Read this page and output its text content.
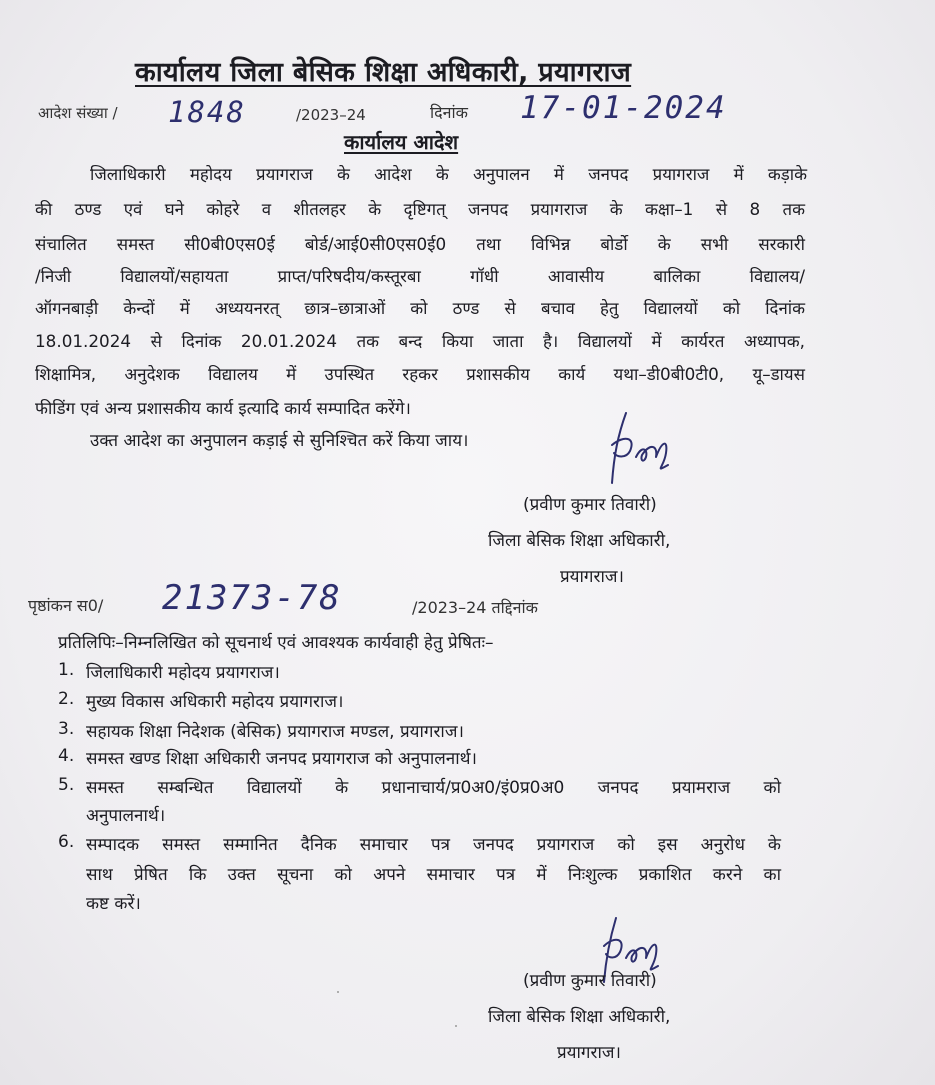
कार्यालय जिला बेसिक शिक्षा अधिकारी, प्रयागराज
आदेश संख्या / 1848	/2023–24	दिनांक 17-01-2024
कार्यालय आदेश
जिलाधिकारी महोदय प्रयागराज के आदेश के अनुपालन में जनपद प्रयागराज में कड़ाके
की ठण्ड एवं घने कोहरे व शीतलहर के दृष्टिगत् जनपद प्रयागराज के कक्षा–1 से 8 तक
संचालित समस्त सी0बी0एस0ई बोर्ड/आई0सी0एस0ई0 तथा विभिन्न बोर्डो के सभी सरकारी
/निजी विद्यालयों/सहायता प्राप्त/परिषदीय/कस्तूरबा गॉधी आवासीय बालिका विद्यालय/
ऑगनबाड़ी केन्दों में अध्ययनरत् छात्र–छात्राओं को ठण्ड से बचाव हेतु विद्यालयों को दिनांक
18.01.2024 से दिनांक 20.01.2024 तक बन्द किया जाता है। विद्यालयों में कार्यरत अध्यापक,
शिक्षामित्र, अनुदेशक विद्यालय में उपस्थित रहकर प्रशासकीय कार्य यथा–डी0बी0टी0, यू–डायस
फीडिंग एवं अन्य प्रशासकीय कार्य इत्यादि कार्य सम्पादित करेंगे।
उक्त आदेश का अनुपालन कड़ाई से सुनिश्चित करें किया जाय।
(प्रवीण कुमार तिवारी)
जिला बेसिक शिक्षा अधिकारी,
प्रयागराज।
पृष्ठांकन स0/ 21373-78	/2023–24 तद्दिनांक
प्रतिलिपिः–निम्नलिखित को सूचनार्थ एवं आवश्यक कार्यवाही हेतु प्रेषितः–
1. जिलाधिकारी महोदय प्रयागराज।
2. मुख्य विकास अधिकारी महोदय प्रयागराज।
3. सहायक शिक्षा निदेशक (बेसिक) प्रयागराज मण्डल, प्रयागराज।
4. समस्त खण्ड शिक्षा अधिकारी जनपद प्रयागराज को अनुपालनार्थ।
5. समस्त सम्बन्धित विद्यालयों के प्रधानाचार्य/प्र0अ0/इं0प्र0अ0 जनपद प्रयामराज को
अनुपालनार्थ।
6. सम्पादक समस्त सम्मानित दैनिक समाचार पत्र जनपद प्रयागराज को इस अनुरोध के
साथ प्रेषित कि उक्त सूचना को अपने समाचार पत्र में निःशुल्क प्रकाशित करने का
कष्ट करें।
(प्रवीण कुमार तिवारी)
जिला बेसिक शिक्षा अधिकारी,
प्रयागराज।
